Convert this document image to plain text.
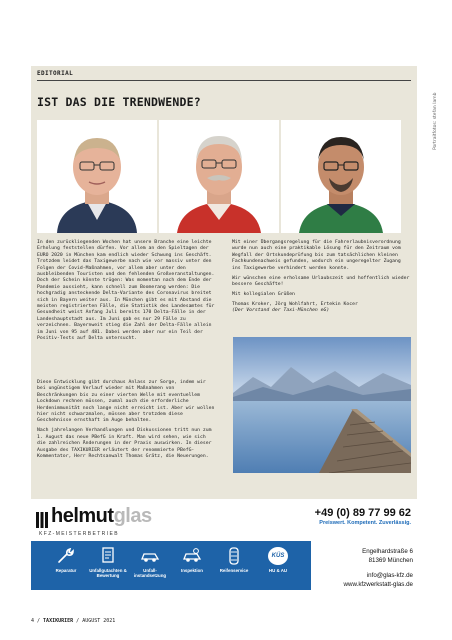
Portraitfotos: stefan lamb
EDITORIAL
IST DAS DIE TRENDWENDE?

In den zurückliegenden Wochen hat unsere Branche eine leichte Erholung feststellen dürfen. Vor allem an den Spieltagen der EURO 2020 in München kam endlich wieder Schwung ins Geschäft. Trotzdem leidet das Taxigewerbe nach wie vor massiv unter den Folgen der Covid-Maßnahmen, vor allem aber unter den ausbleibenden Touristen und den fehlenden Großveranstaltungen. Doch der Schein könnte trügen: Was momentan nach dem Ende der Pandemie aussieht, kann schnell zum Boomerang werden: Die hochgradig ansteckende Delta-Variante des Coronavirus breitet sich in Bayern weiter aus. In München gibt es mit Abstand die meisten registrierten Fälle, die Statistik des Landesamtes für Gesundheit weist Anfang Juli bereits 170 Delta-Fälle in der Landeshauptstadt aus. Im Juni gab es nur 29 Fälle zu verzeichnen. Bayernweit stieg die Zahl der Delta-Fälle allein im Juni von 95 auf 481. Dabei werden aber nur ein Teil der Positiv-Tests auf Delta untersucht.

Diese Entwicklung gibt durchaus Anlass zur Sorge, indem wir bei ungünstigem Verlauf wieder mit Maßnahmen von Beschränkungen bis zu einer vierten Welle mit eventuellem Lockdown rechnen müssen, zumal auch die erforderliche Herdenimmunität noch lange nicht erreicht ist. Aber wir wollen hier nicht schwarzmalen, müssen aber trotzdem diese Geschehnisse ernsthaft im Auge behalten.

Nach jahrelangen Verhandlungen und Diskussionen tritt nun zum 1. August das neue PBefG in Kraft. Man wird sehen, wie sich die zahlreichen Änderungen in der Praxis auswirken. In dieser Ausgabe des TAXIKURIER erläutert der renommierte PBefG-Kommentator, Herr Rechtsanwalt Thomas Grätz, die Neuerungen.

Mit einer Übergangsregelung für die Fahrerlaubnisverordnung wurde nun auch eine praktikable Lösung für den Zeitraum vom Wegfall der Ortskundeprüfung bis zum tatsächlichen kleinen Fachkundenachweis gefunden, wodurch ein ungeregelter Zugang ins Taxigewerbe verhindert werden konnte.

Wir wünschen eine erholsame Urlaubszeit und hoffentlich wieder bessere Geschäfte!

Mit kollegialen Grüßen

Thomas Kroker, Jörg Wohlfahrt, Ertekin Kocer
(Der Vorstand der Taxi-München eG)
+49 (0) 89 77 99 62
Preiswert. Kompetent. Zuverlässig.
helmutglas
KFZ-MEISTERBETRIEB
Reparatur	Unfallgutachten & Bewertung
Unfall-instandsetzung
Inspektion	Reifenservice
KÜS
HU & AU
Engelhardstraße 6
81369 München
info@glas-kfz.de
www.kfzwerkstatt-glas.de
4 / TAXIKURIER / AUGUST 2021
